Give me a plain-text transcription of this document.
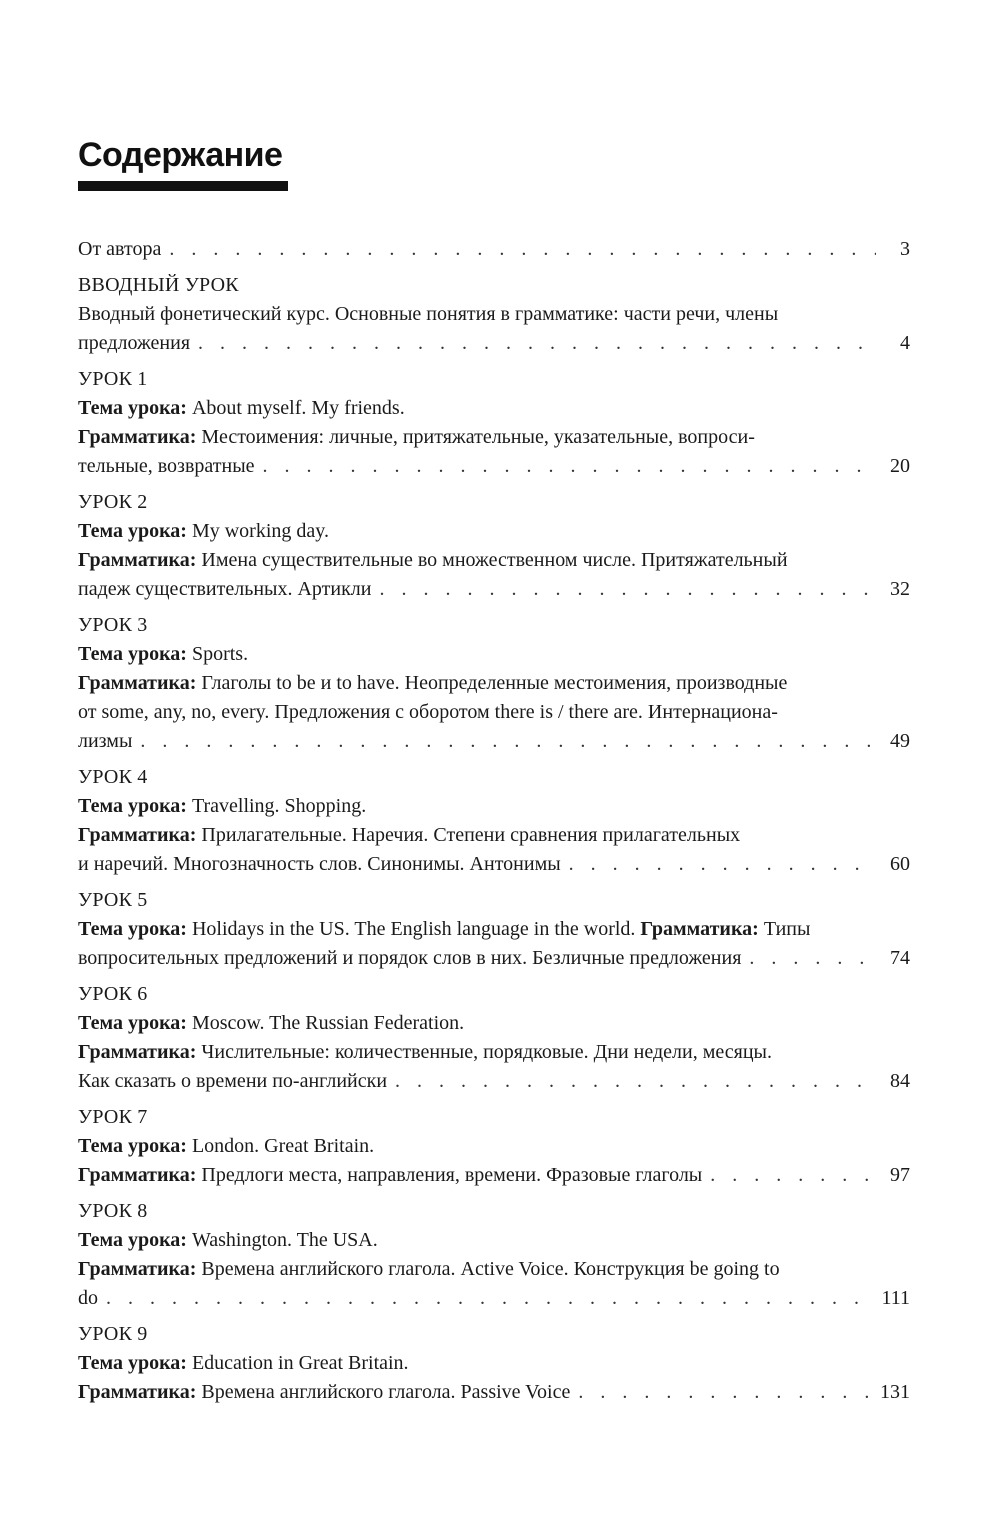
Содержание
От автора . . .	3
ВВОДНЫЙ УРОК
Вводный фонетический курс. Основные понятия в грамматике: части речи, члены
предложения . . .	4
УРОК 1
Тема урока: About myself. My friends.
Грамматика: Местоимения: личные, притяжательные, указательные, вопроси-
тельные, возвратные . . .	20
УРОК 2
Тема урока: My working day.
Грамматика: Имена существительные во множественном числе. Притяжательный
падеж существительных. Артикли . . .	32
УРОК 3
Тема урока: Sports.
Грамматика: Глаголы to be и to have. Неопределенные местоимения, производные
от some, any, no, every. Предложения с оборотом there is / there are. Интернациона-
лизмы . . .	49
УРОК 4
Тема урока: Travelling. Shopping.
Грамматика: Прилагательные. Наречия. Степени сравнения прилагательных
и наречий. Многозначность слов. Синонимы. Антонимы . . .	60
УРОК 5
Тема урока: Holidays in the US. The English language in the world. Грамматика: Типы
вопросительных предложений и порядок слов в них. Безличные предложения . . .	74
УРОК 6
Тема урока: Moscow. The Russian Federation.
Грамматика: Числительные: количественные, порядковые. Дни недели, месяцы.
Как сказать о времени по-английски . . .	84
УРОК 7
Тема урока: London. Great Britain.
Грамматика: Предлоги места, направления, времени. Фразовые глаголы . . .	97
УРОК 8
Тема урока: Washington. The USA.
Грамматика: Времена английского глагола. Active Voice. Конструкция be going to
do . . .	111
УРОК 9
Тема урока: Education in Great Britain.
Грамматика: Времена английского глагола. Passive Voice . . .	131
